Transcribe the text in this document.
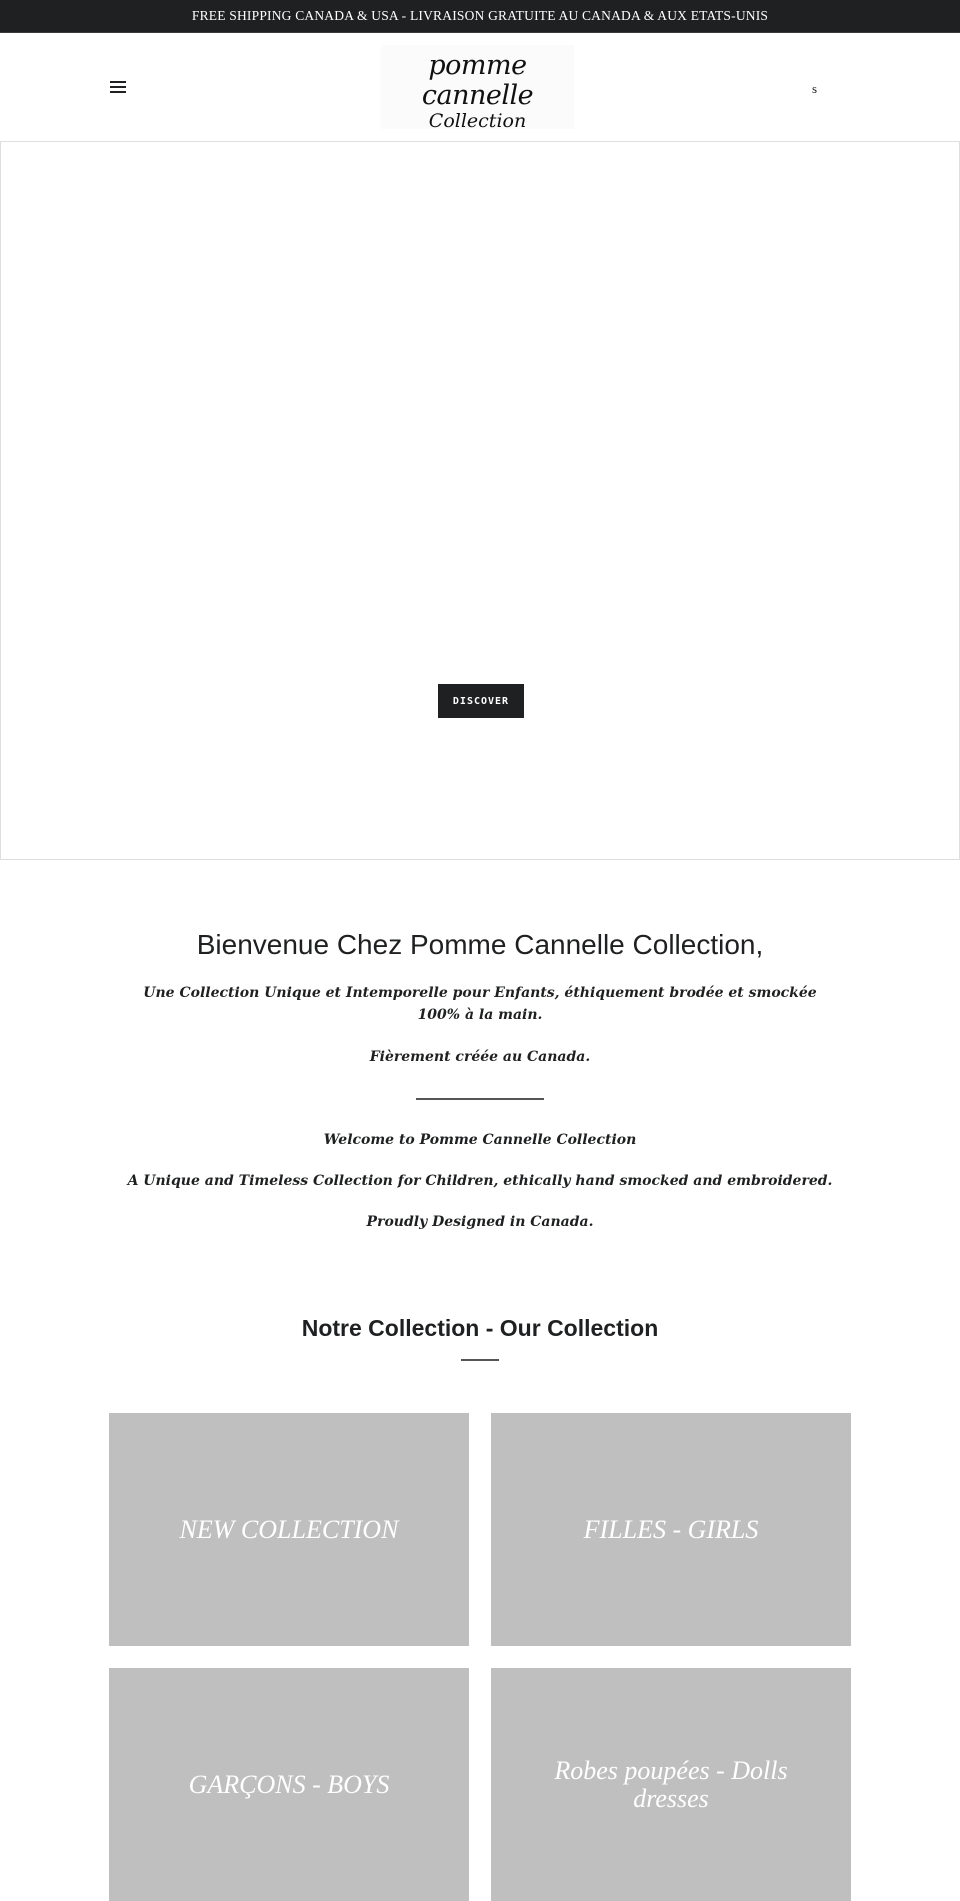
FREE SHIPPING CANADA & USA - LIVRAISON GRATUITE AU CANADA & AUX ETATS-UNIS
pomme cannelle
Collection
s
DISCOVER
Bienvenue Chez Pomme Cannelle Collection,

Une Collection Unique et Intemporelle pour Enfants, éthiquement brodée et smockée 100% à la main.

Fièrement créée au Canada.

Welcome to Pomme Cannelle Collection

A Unique and Timeless Collection for Children, ethically hand smocked and embroidered.

Proudly Designed in Canada.

Notre Collection - Our Collection
NEW COLLECTION	FILLES - GIRLS
GARÇONS - BOYS	Robes poupées - Dolls dresses
